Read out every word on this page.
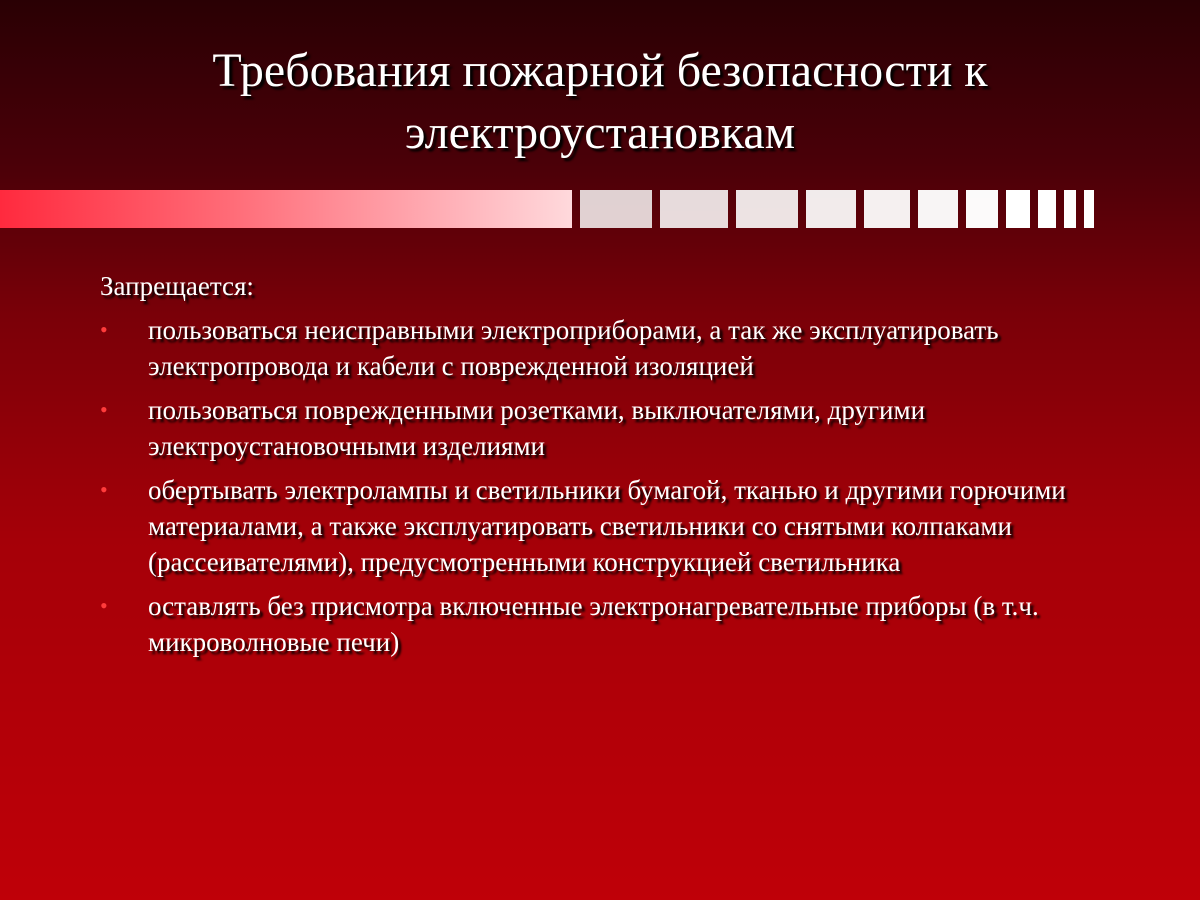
Требования пожарной безопасности к электроустановкам

Запрещается:

• пользоваться неисправными электроприборами, а так же эксплуатировать электропровода и кабели с поврежденной изоляцией
• пользоваться поврежденными розетками, выключателями, другими электроустановочными изделиями
• обертывать электролампы и светильники бумагой, тканью и другими горючими материалами, а также эксплуатировать светильники со снятыми колпаками (рассеивателями), предусмотренными конструкцией светильника
• оставлять без присмотра включенные электронагревательные приборы (в т.ч. микроволновые печи)
